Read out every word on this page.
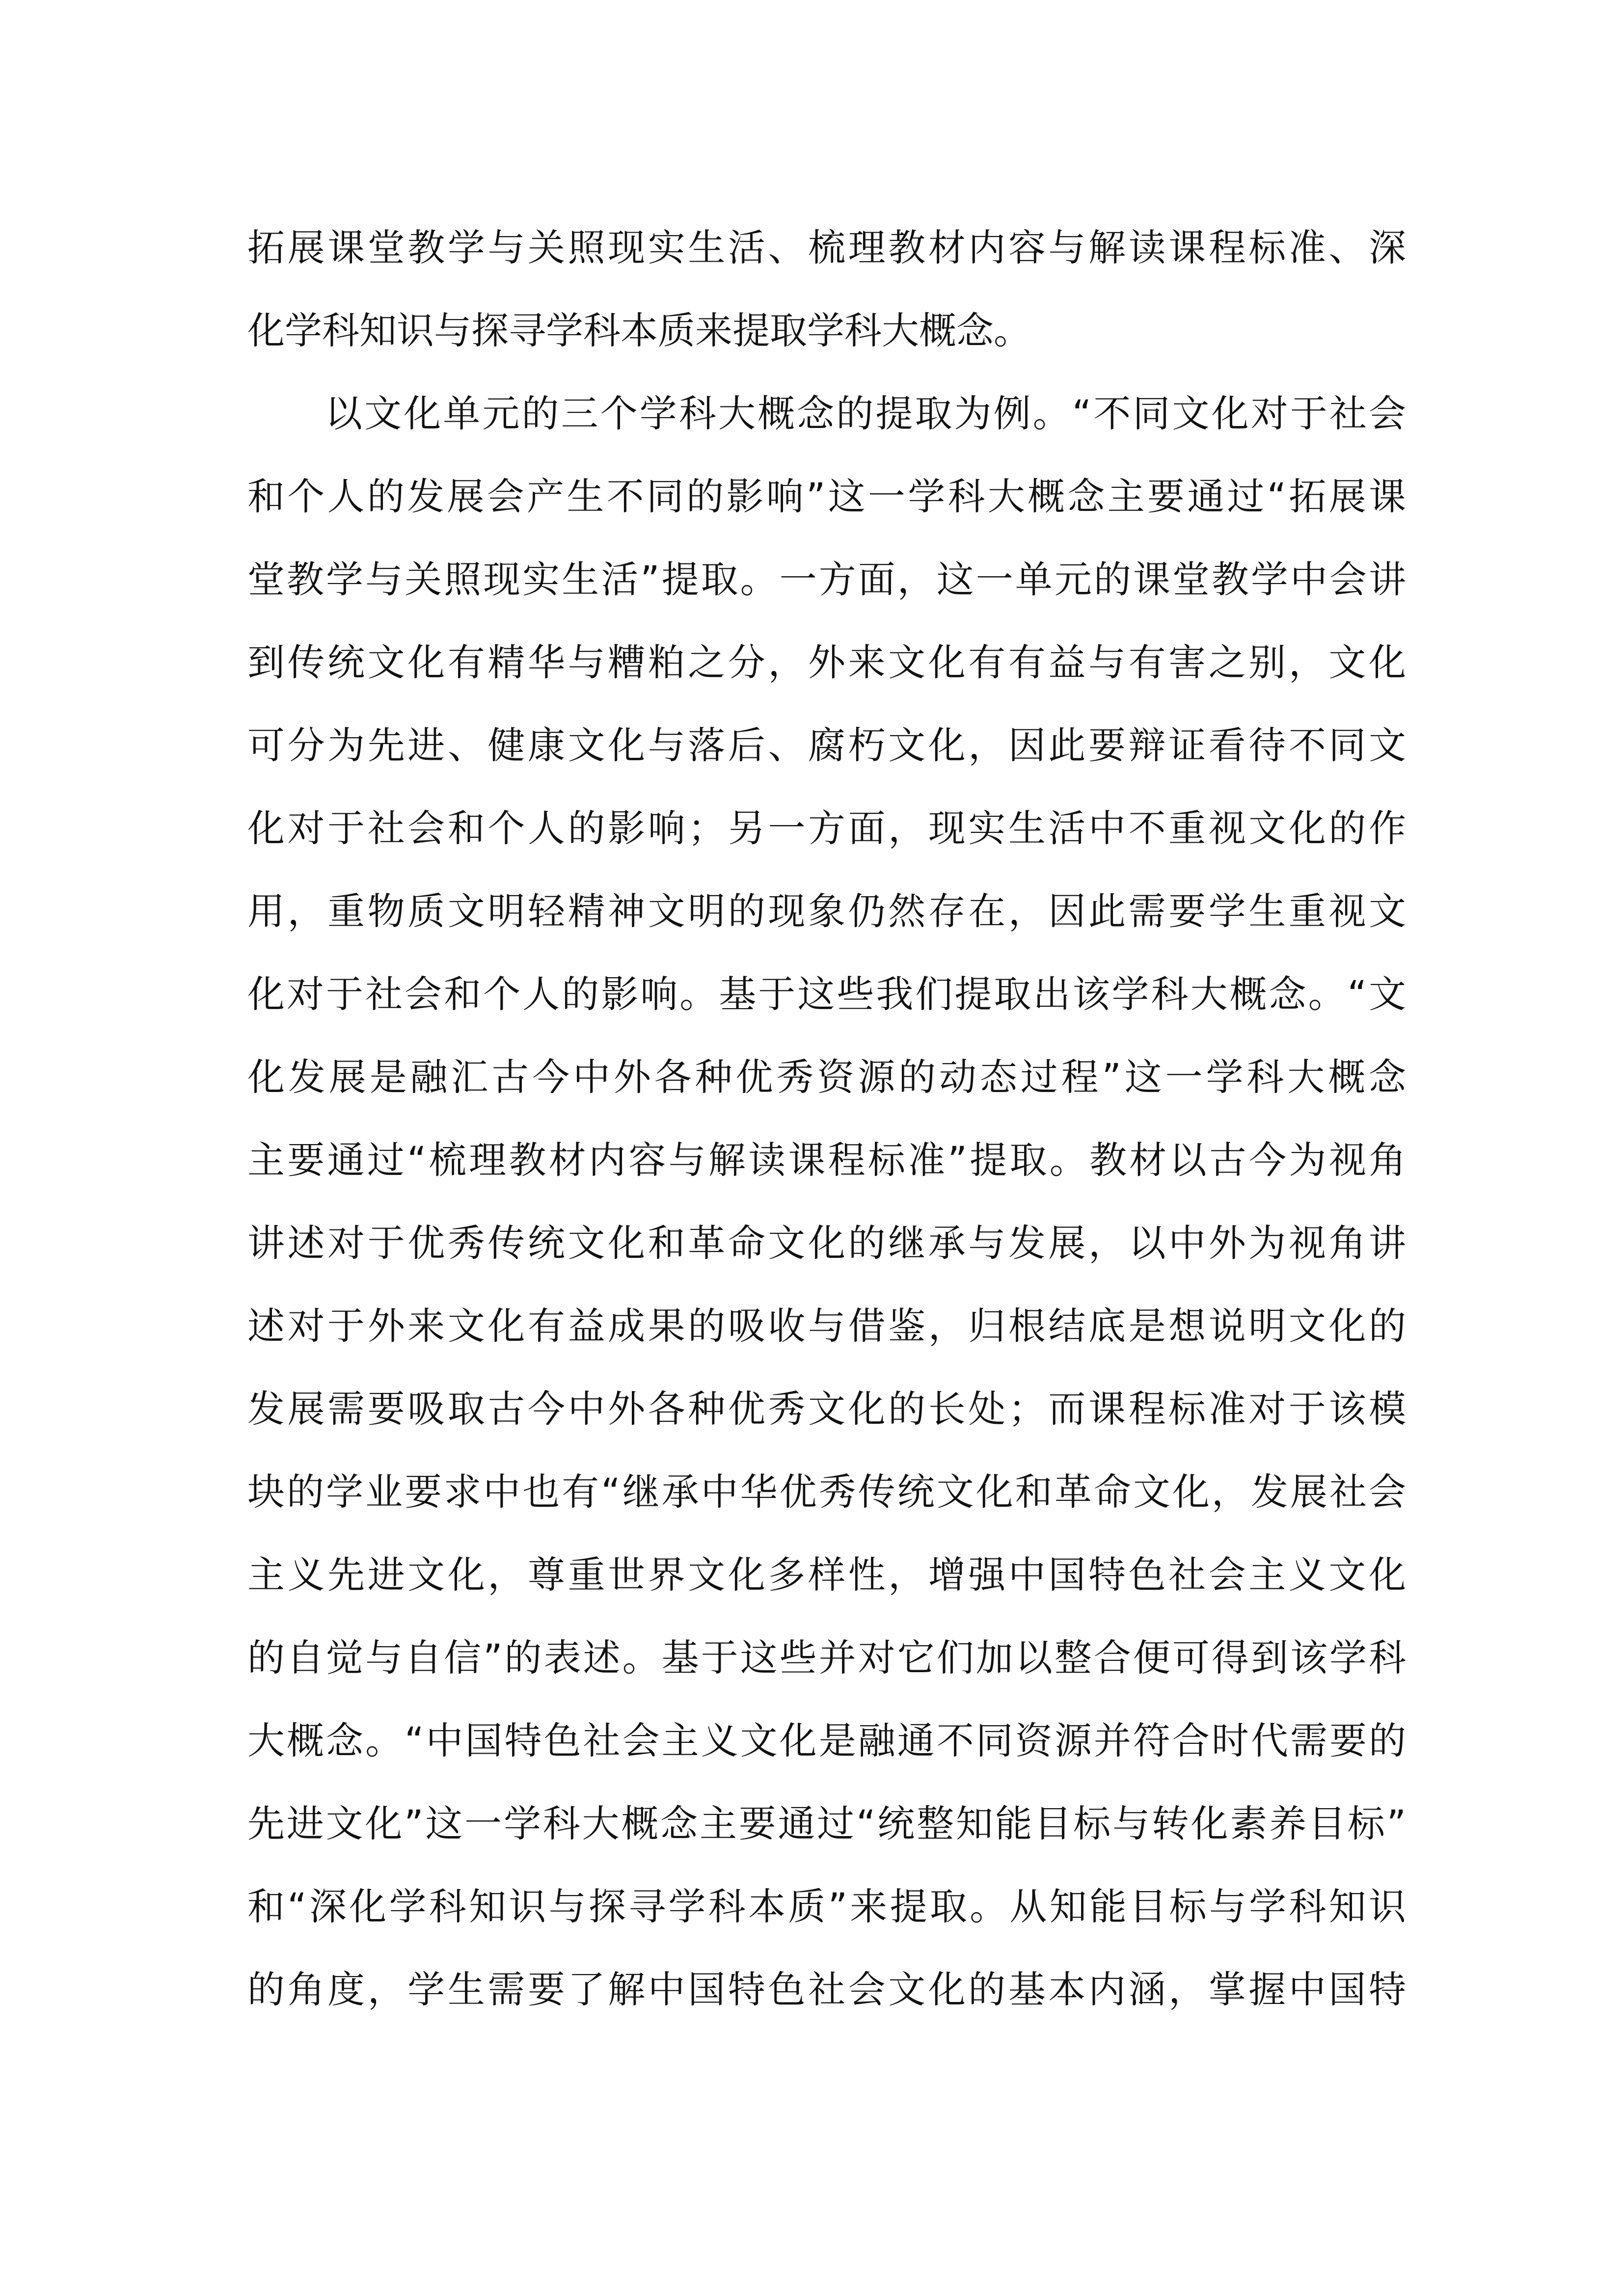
拓展课堂教学与关照现实生活、梳理教材内容与解读课程标准、深
化学科知识与探寻学科本质来提取学科大概念。
以文化单元的三个学科大概念的提取为例。“不同文化对于社会
和个人的发展会产生不同的影响”这一学科大概念主要通过“拓展课
堂教学与关照现实生活”提取。一方面，这一单元的课堂教学中会讲
到传统文化有精华与糟粕之分，外来文化有有益与有害之别，文化
可分为先进、健康文化与落后、腐朽文化，因此要辩证看待不同文
化对于社会和个人的影响；另一方面，现实生活中不重视文化的作
用，重物质文明轻精神文明的现象仍然存在，因此需要学生重视文
化对于社会和个人的影响。基于这些我们提取出该学科大概念。“文
化发展是融汇古今中外各种优秀资源的动态过程”这一学科大概念
主要通过“梳理教材内容与解读课程标准”提取。教材以古今为视角
讲述对于优秀传统文化和革命文化的继承与发展，以中外为视角讲
述对于外来文化有益成果的吸收与借鉴，归根结底是想说明文化的
发展需要吸取古今中外各种优秀文化的长处；而课程标准对于该模
块的学业要求中也有“继承中华优秀传统文化和革命文化，发展社会
主义先进文化，尊重世界文化多样性，增强中国特色社会主义文化
的自觉与自信”的表述。基于这些并对它们加以整合便可得到该学科
大概念。“中国特色社会主义文化是融通不同资源并符合时代需要的
先进文化”这一学科大概念主要通过“统整知能目标与转化素养目标”
和“深化学科知识与探寻学科本质”来提取。从知能目标与学科知识
的角度，学生需要了解中国特色社会文化的基本内涵，掌握中国特
